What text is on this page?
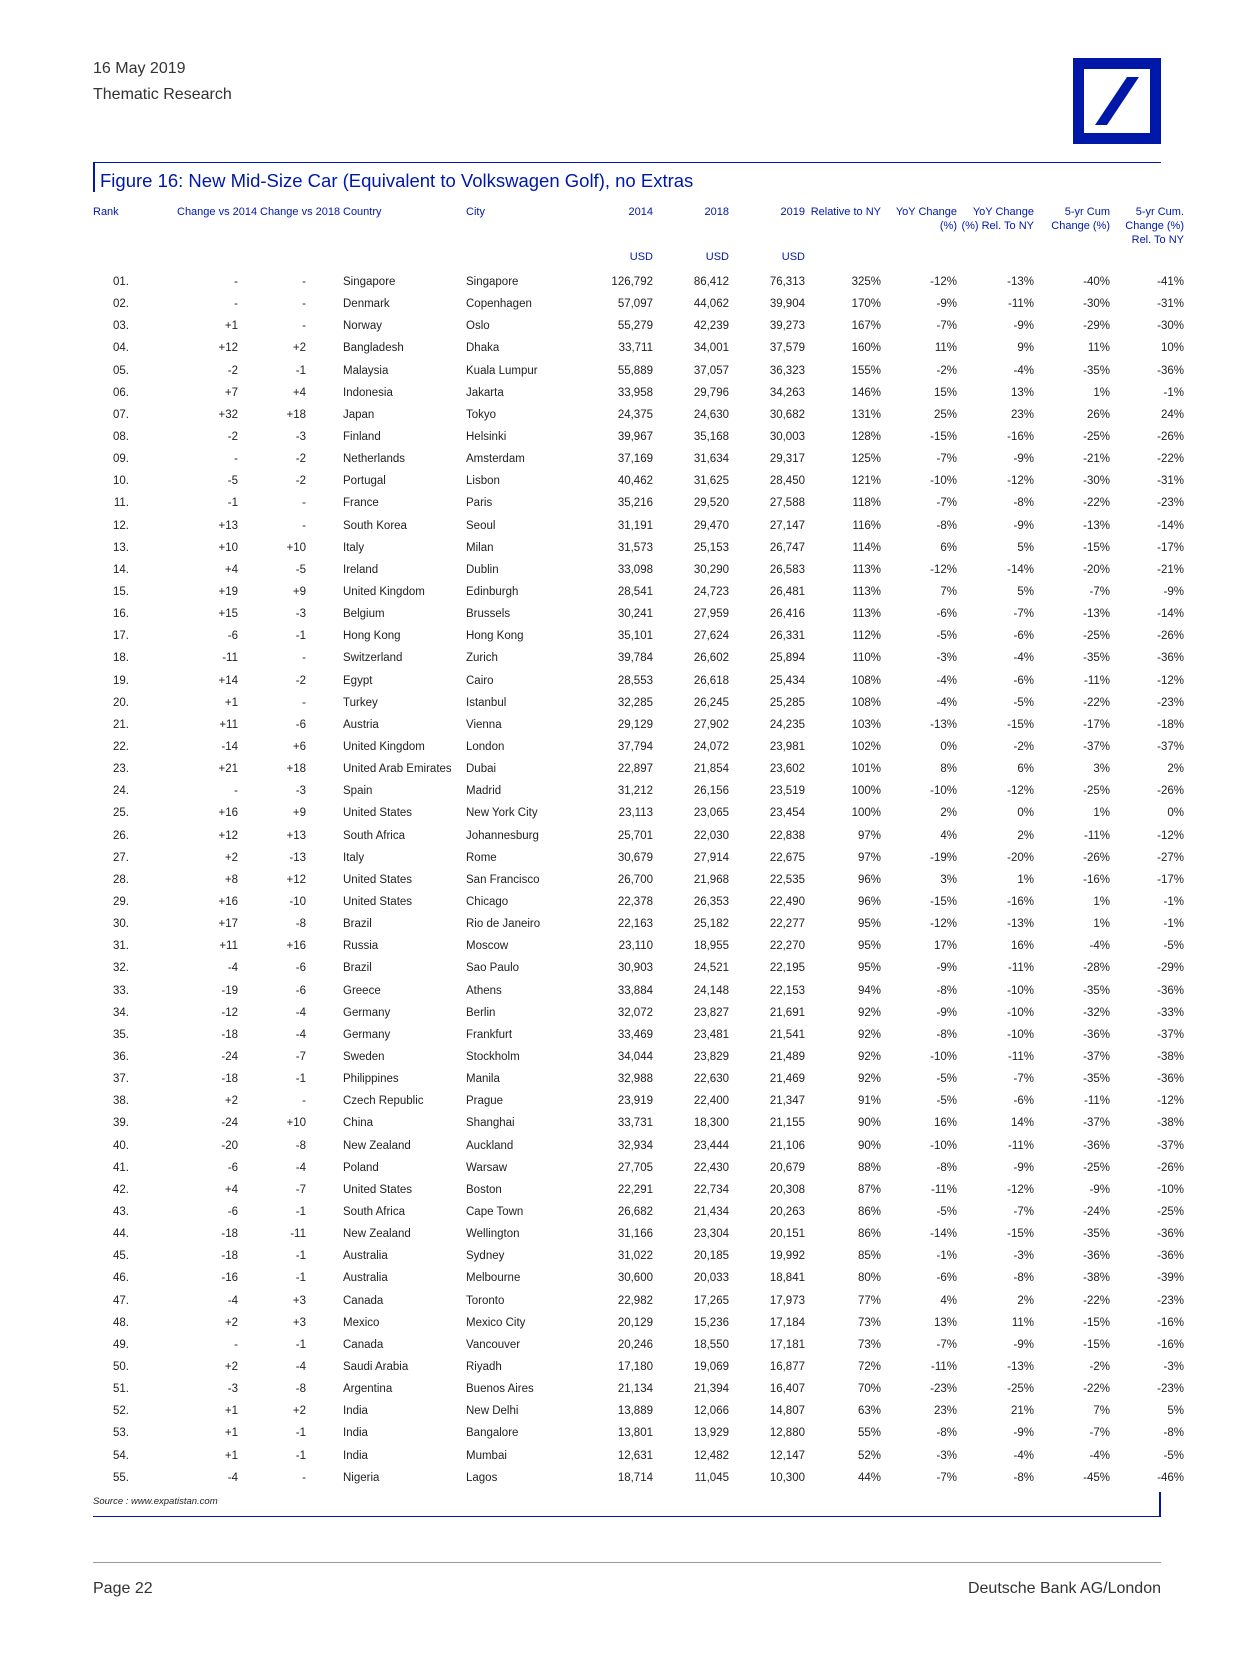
16 May 2019
Thematic Research
Figure 16: New Mid-Size Car (Equivalent to Volkswagen Golf), no Extras
Rank	Change vs 2014	Change vs 2018	Country	City	2014	2018	2019	Relative to NY	YoY Change (%)	YoY Change (%) Rel. To NY	5-yr Cum Change (%)	5-yr Cum. Change (%) Rel. To NY
					USD	USD	USD					
01.	-	-	Singapore	Singapore	126,792	86,412	76,313	325%	-12%	-13%	-40%	-41%
02.	-	-	Denmark	Copenhagen	57,097	44,062	39,904	170%	-9%	-11%	-30%	-31%
03.	+1	-	Norway	Oslo	55,279	42,239	39,273	167%	-7%	-9%	-29%	-30%
04.	+12	+2	Bangladesh	Dhaka	33,711	34,001	37,579	160%	11%	9%	11%	10%
05.	-2	-1	Malaysia	Kuala Lumpur	55,889	37,057	36,323	155%	-2%	-4%	-35%	-36%
06.	+7	+4	Indonesia	Jakarta	33,958	29,796	34,263	146%	15%	13%	1%	-1%
07.	+32	+18	Japan	Tokyo	24,375	24,630	30,682	131%	25%	23%	26%	24%
08.	-2	-3	Finland	Helsinki	39,967	35,168	30,003	128%	-15%	-16%	-25%	-26%
09.	-	-2	Netherlands	Amsterdam	37,169	31,634	29,317	125%	-7%	-9%	-21%	-22%
10.	-5	-2	Portugal	Lisbon	40,462	31,625	28,450	121%	-10%	-12%	-30%	-31%
11.	-1	-	France	Paris	35,216	29,520	27,588	118%	-7%	-8%	-22%	-23%
12.	+13	-	South Korea	Seoul	31,191	29,470	27,147	116%	-8%	-9%	-13%	-14%
13.	+10	+10	Italy	Milan	31,573	25,153	26,747	114%	6%	5%	-15%	-17%
14.	+4	-5	Ireland	Dublin	33,098	30,290	26,583	113%	-12%	-14%	-20%	-21%
15.	+19	+9	United Kingdom	Edinburgh	28,541	24,723	26,481	113%	7%	5%	-7%	-9%
16.	+15	-3	Belgium	Brussels	30,241	27,959	26,416	113%	-6%	-7%	-13%	-14%
17.	-6	-1	Hong Kong	Hong Kong	35,101	27,624	26,331	112%	-5%	-6%	-25%	-26%
18.	-11	-	Switzerland	Zurich	39,784	26,602	25,894	110%	-3%	-4%	-35%	-36%
19.	+14	-2	Egypt	Cairo	28,553	26,618	25,434	108%	-4%	-6%	-11%	-12%
20.	+1	-	Turkey	Istanbul	32,285	26,245	25,285	108%	-4%	-5%	-22%	-23%
21.	+11	-6	Austria	Vienna	29,129	27,902	24,235	103%	-13%	-15%	-17%	-18%
22.	-14	+6	United Kingdom	London	37,794	24,072	23,981	102%	0%	-2%	-37%	-37%
23.	+21	+18	United Arab Emirates	Dubai	22,897	21,854	23,602	101%	8%	6%	3%	2%
24.	-	-3	Spain	Madrid	31,212	26,156	23,519	100%	-10%	-12%	-25%	-26%
25.	+16	+9	United States	New York City	23,113	23,065	23,454	100%	2%	0%	1%	0%
26.	+12	+13	South Africa	Johannesburg	25,701	22,030	22,838	97%	4%	2%	-11%	-12%
27.	+2	-13	Italy	Rome	30,679	27,914	22,675	97%	-19%	-20%	-26%	-27%
28.	+8	+12	United States	San Francisco	26,700	21,968	22,535	96%	3%	1%	-16%	-17%
29.	+16	-10	United States	Chicago	22,378	26,353	22,490	96%	-15%	-16%	1%	-1%
30.	+17	-8	Brazil	Rio de Janeiro	22,163	25,182	22,277	95%	-12%	-13%	1%	-1%
31.	+11	+16	Russia	Moscow	23,110	18,955	22,270	95%	17%	16%	-4%	-5%
32.	-4	-6	Brazil	Sao Paulo	30,903	24,521	22,195	95%	-9%	-11%	-28%	-29%
33.	-19	-6	Greece	Athens	33,884	24,148	22,153	94%	-8%	-10%	-35%	-36%
34.	-12	-4	Germany	Berlin	32,072	23,827	21,691	92%	-9%	-10%	-32%	-33%
35.	-18	-4	Germany	Frankfurt	33,469	23,481	21,541	92%	-8%	-10%	-36%	-37%
36.	-24	-7	Sweden	Stockholm	34,044	23,829	21,489	92%	-10%	-11%	-37%	-38%
37.	-18	-1	Philippines	Manila	32,988	22,630	21,469	92%	-5%	-7%	-35%	-36%
38.	+2	-	Czech Republic	Prague	23,919	22,400	21,347	91%	-5%	-6%	-11%	-12%
39.	-24	+10	China	Shanghai	33,731	18,300	21,155	90%	16%	14%	-37%	-38%
40.	-20	-8	New Zealand	Auckland	32,934	23,444	21,106	90%	-10%	-11%	-36%	-37%
41.	-6	-4	Poland	Warsaw	27,705	22,430	20,679	88%	-8%	-9%	-25%	-26%
42.	+4	-7	United States	Boston	22,291	22,734	20,308	87%	-11%	-12%	-9%	-10%
43.	-6	-1	South Africa	Cape Town	26,682	21,434	20,263	86%	-5%	-7%	-24%	-25%
44.	-18	-11	New Zealand	Wellington	31,166	23,304	20,151	86%	-14%	-15%	-35%	-36%
45.	-18	-1	Australia	Sydney	31,022	20,185	19,992	85%	-1%	-3%	-36%	-36%
46.	-16	-1	Australia	Melbourne	30,600	20,033	18,841	80%	-6%	-8%	-38%	-39%
47.	-4	+3	Canada	Toronto	22,982	17,265	17,973	77%	4%	2%	-22%	-23%
48.	+2	+3	Mexico	Mexico City	20,129	15,236	17,184	73%	13%	11%	-15%	-16%
49.	-	-1	Canada	Vancouver	20,246	18,550	17,181	73%	-7%	-9%	-15%	-16%
50.	+2	-4	Saudi Arabia	Riyadh	17,180	19,069	16,877	72%	-11%	-13%	-2%	-3%
51.	-3	-8	Argentina	Buenos Aires	21,134	21,394	16,407	70%	-23%	-25%	-22%	-23%
52.	+1	+2	India	New Delhi	13,889	12,066	14,807	63%	23%	21%	7%	5%
53.	+1	-1	India	Bangalore	13,801	13,929	12,880	55%	-8%	-9%	-7%	-8%
54.	+1	-1	India	Mumbai	12,631	12,482	12,147	52%	-3%	-4%	-4%	-5%
55.	-4	-	Nigeria	Lagos	18,714	11,045	10,300	44%	-7%	-8%	-45%	-46%
Source : www.expatistan.com
Page 22	Deutsche Bank AG/London
